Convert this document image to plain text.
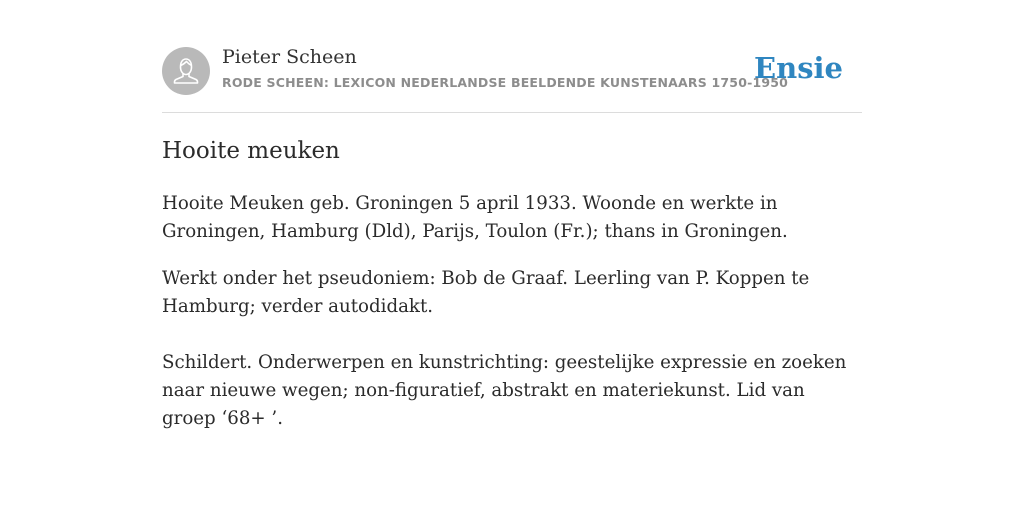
Pieter Scheen
RODE SCHEEN: LEXICON NEDERLANDSE BEELDENDE KUNSTENAARS 1750-1950
Ensie
Hooite meuken

Hooite Meuken geb. Groningen 5 april 1933. Woonde en werkte in Groningen, Hamburg (Dld), Parijs, Toulon (Fr.); thans in Groningen.

Werkt onder het pseudoniem: Bob de Graaf. Leerling van P. Koppen te Hamburg; verder autodidakt.

Schildert. Onderwerpen en kunstrichting: geestelijke expressie en zoeken naar nieuwe wegen; non-figuratief, abstrakt en materiekunst. Lid van groep ‘68+ ’.
